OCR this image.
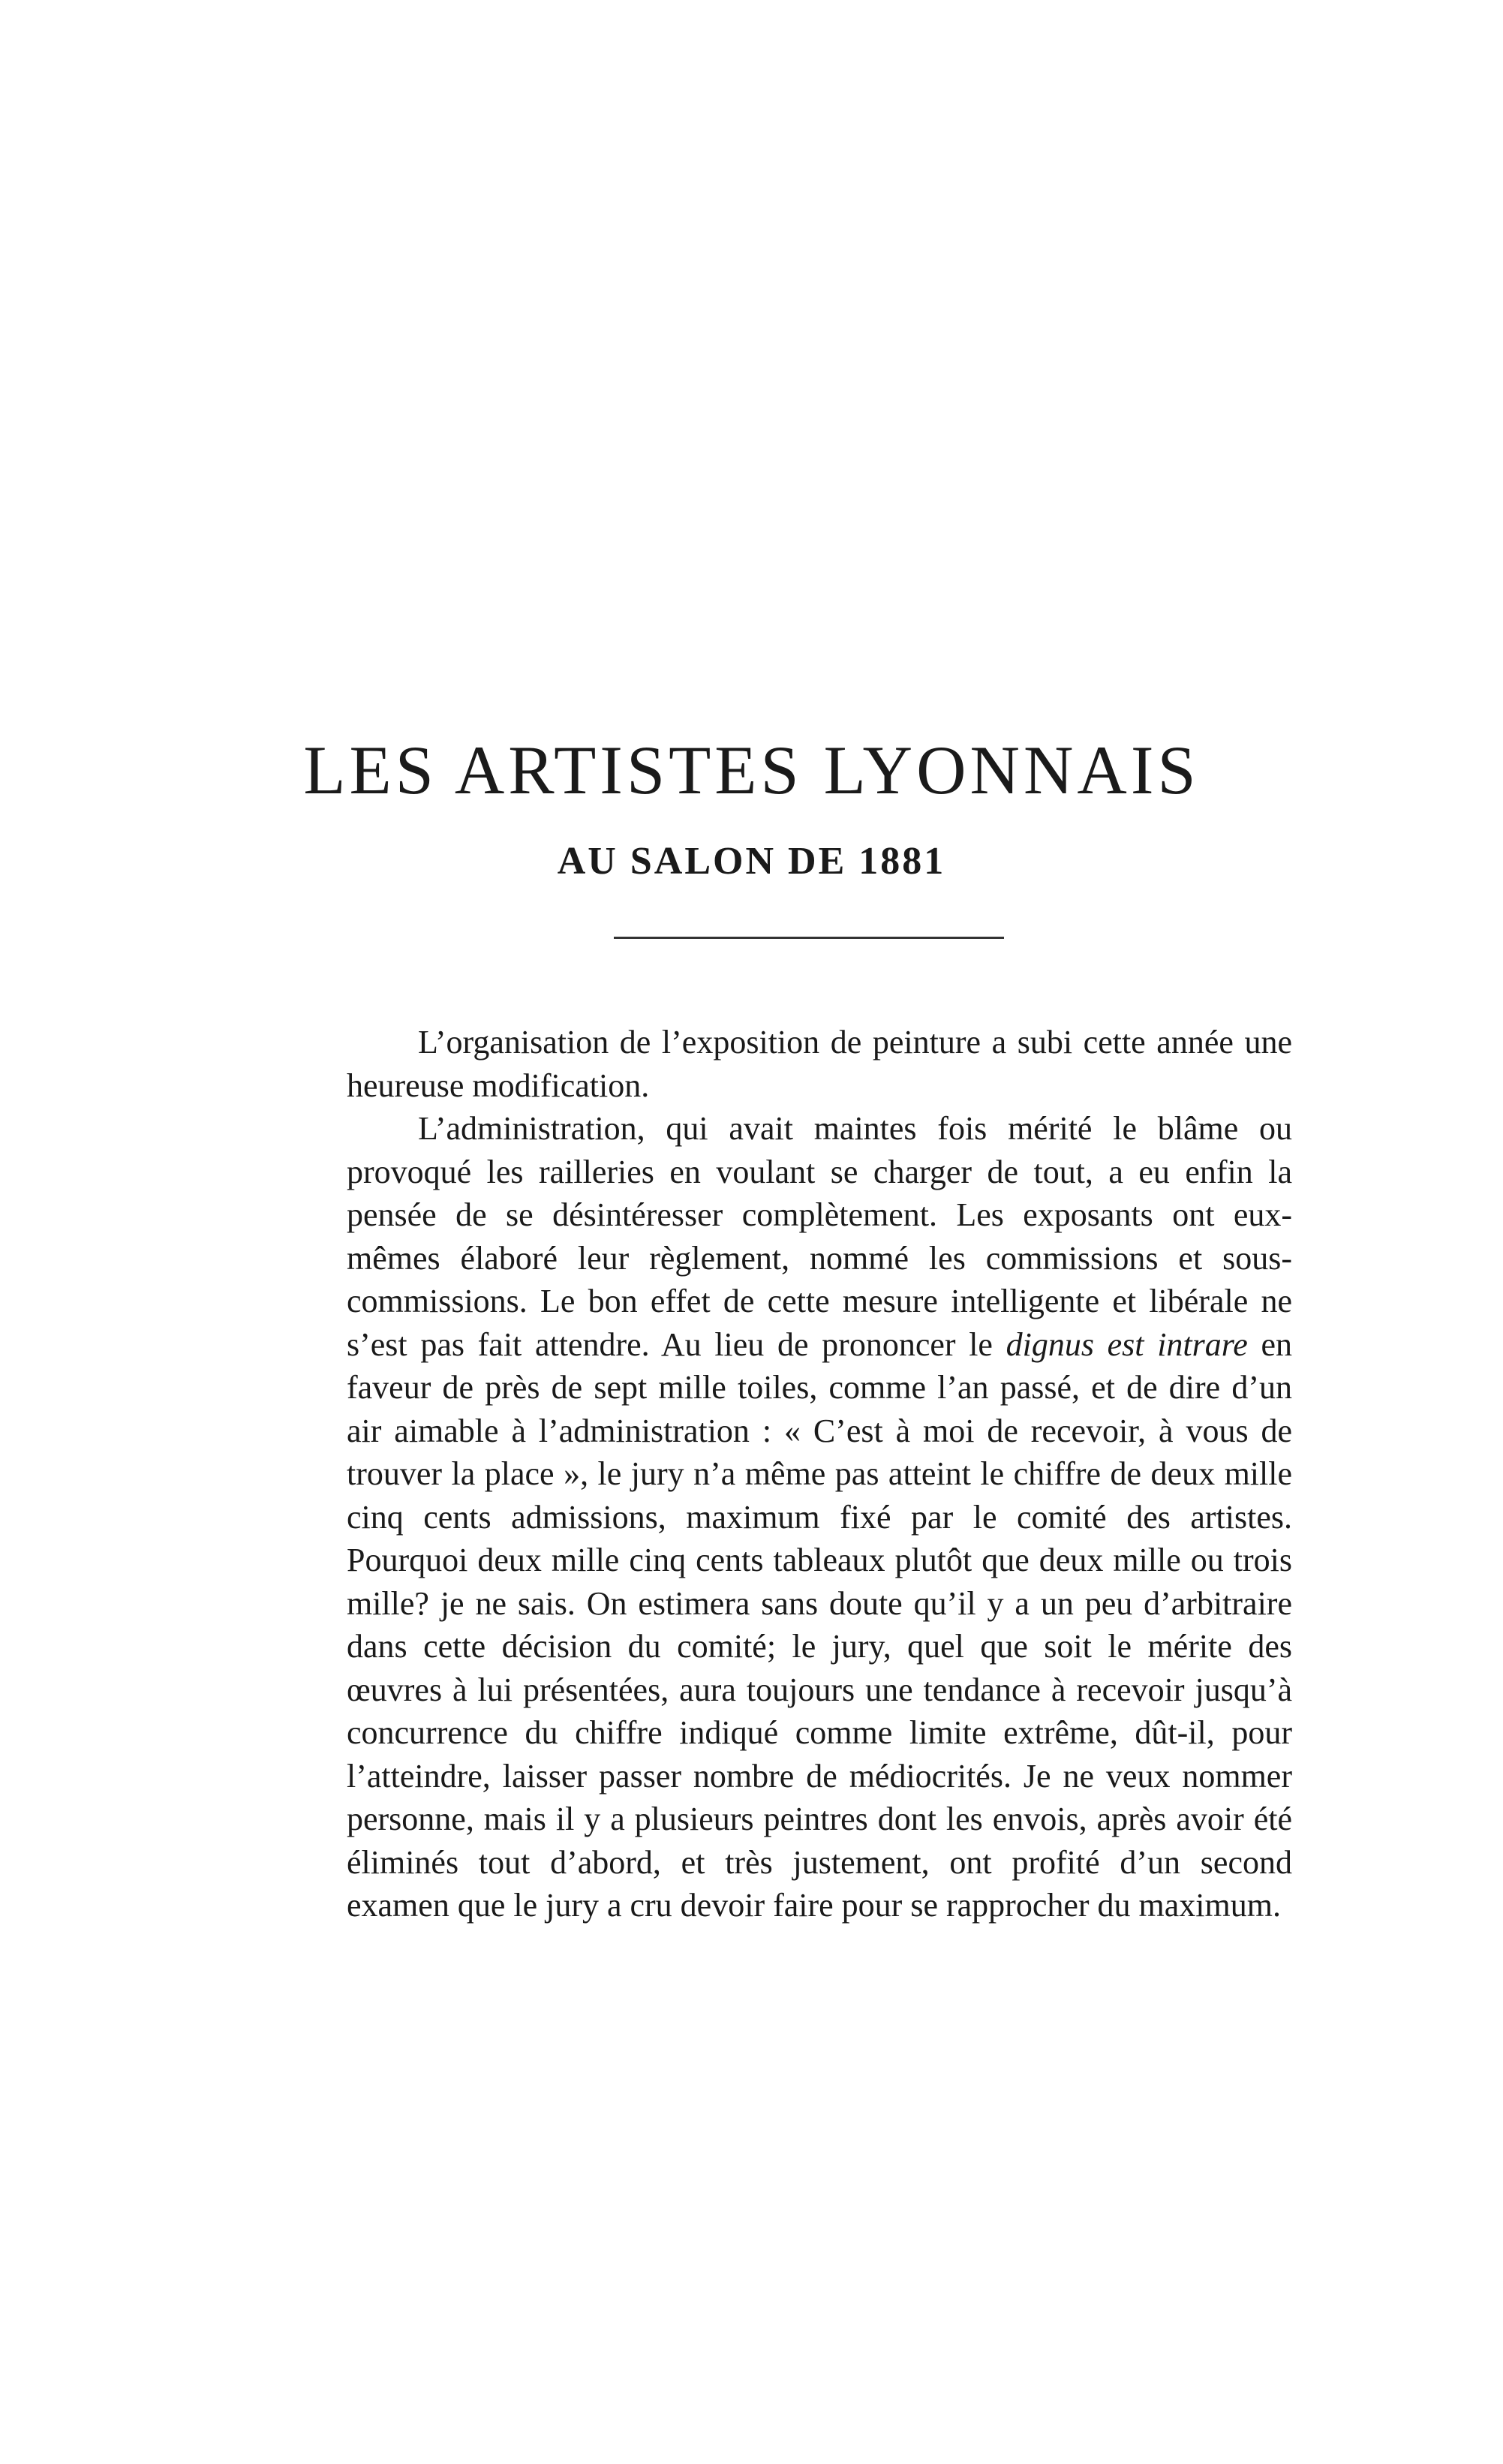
LES ARTISTES LYONNAIS
AU SALON DE 1881

L’organisation de l’exposition de peinture a subi cette année une heureuse modification.

L’administration, qui avait maintes fois mérité le blâme ou provoqué les railleries en voulant se charger de tout, a eu enfin la pensée de se désintéresser complètement. Les exposants ont eux-mêmes élaboré leur règlement, nommé les commissions et sous-commissions. Le bon effet de cette mesure intelligente et libérale ne s’est pas fait attendre. Au lieu de prononcer le dignus est intrare en faveur de près de sept mille toiles, comme l’an passé, et de dire d’un air aimable à l’administration : « C’est à moi de recevoir, à vous de trouver la place », le jury n’a même pas atteint le chiffre de deux mille cinq cents admissions, maximum fixé par le comité des artistes. Pourquoi deux mille cinq cents tableaux plutôt que deux mille ou trois mille? je ne sais. On estimera sans doute qu’il y a un peu d’arbitraire dans cette décision du comité; le jury, quel que soit le mérite des œuvres à lui présentées, aura toujours une tendance à recevoir jusqu’à concurrence du chiffre indiqué comme limite extrême, dût-il, pour l’atteindre, laisser passer nombre de médiocrités. Je ne veux nommer personne, mais il y a plusieurs peintres dont les envois, après avoir été éliminés tout d’abord, et très justement, ont profité d’un second examen que le jury a cru devoir faire pour se rapprocher du maximum.
